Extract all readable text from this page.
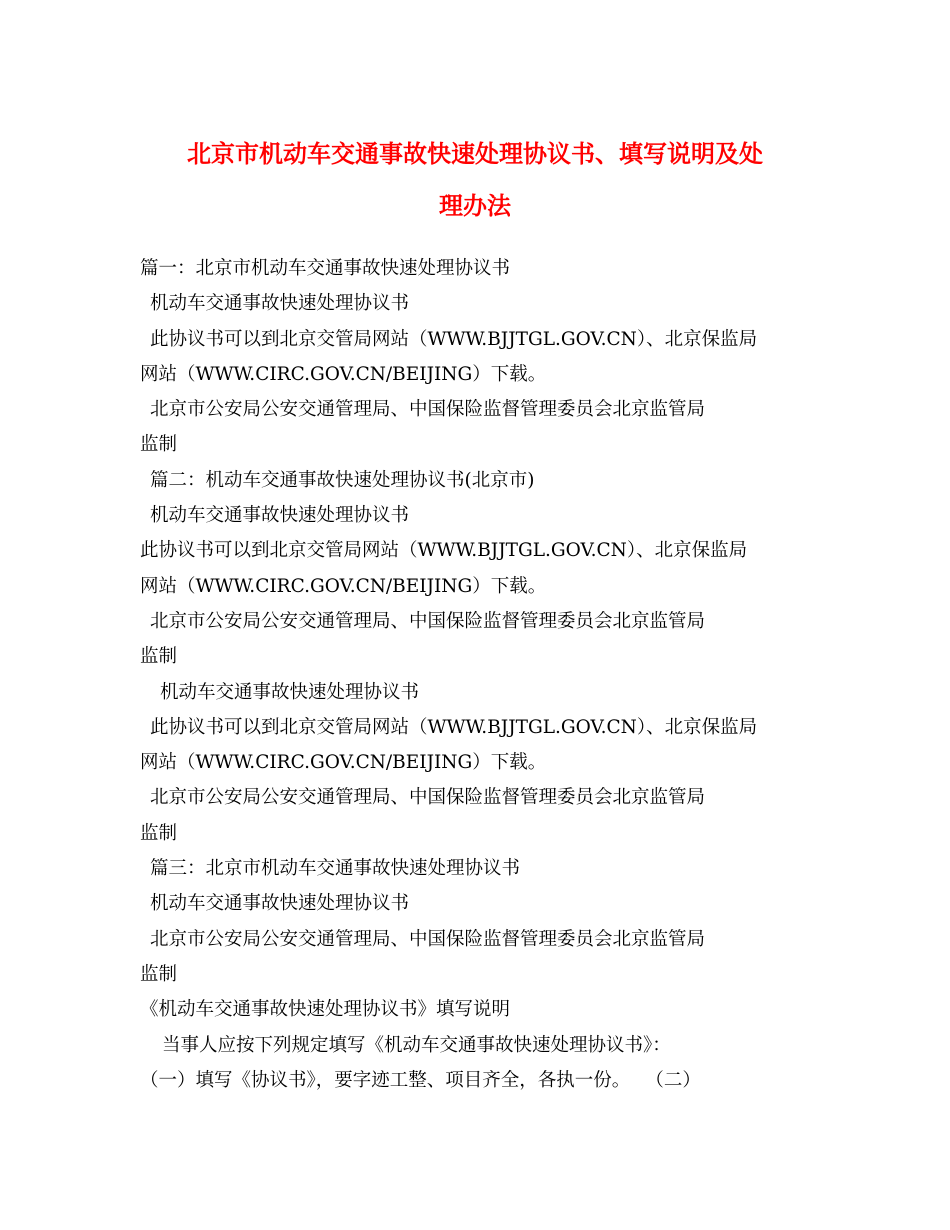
北京市机动车交通事故快速处理协议书、填写说明及处
理办法
篇一：北京市机动车交通事故快速处理协议书
机动车交通事故快速处理协议书
此协议书可以到北京交管局网站（WWW.BJJTGL.GOV.CN）、北京保监局
网站（WWW.CIRC.GOV.CN/BEIJING）下载。
北京市公安局公安交通管理局、中国保险监督管理委员会北京监管局
监制
篇二：机动车交通事故快速处理协议书(北京市)
机动车交通事故快速处理协议书
此协议书可以到北京交管局网站（WWW.BJJTGL.GOV.CN）、北京保监局
网站（WWW.CIRC.GOV.CN/BEIJING）下载。
北京市公安局公安交通管理局、中国保险监督管理委员会北京监管局
监制
机动车交通事故快速处理协议书
此协议书可以到北京交管局网站（WWW.BJJTGL.GOV.CN）、北京保监局
网站（WWW.CIRC.GOV.CN/BEIJING）下载。
北京市公安局公安交通管理局、中国保险监督管理委员会北京监管局
监制
篇三：北京市机动车交通事故快速处理协议书
机动车交通事故快速处理协议书
北京市公安局公安交通管理局、中国保险监督管理委员会北京监管局
监制
《机动车交通事故快速处理协议书》填写说明
当事人应按下列规定填写《机动车交通事故快速处理协议书》：
（一）填写《协议书》，要字迹工整、项目齐全，各执一份。　 （二）
